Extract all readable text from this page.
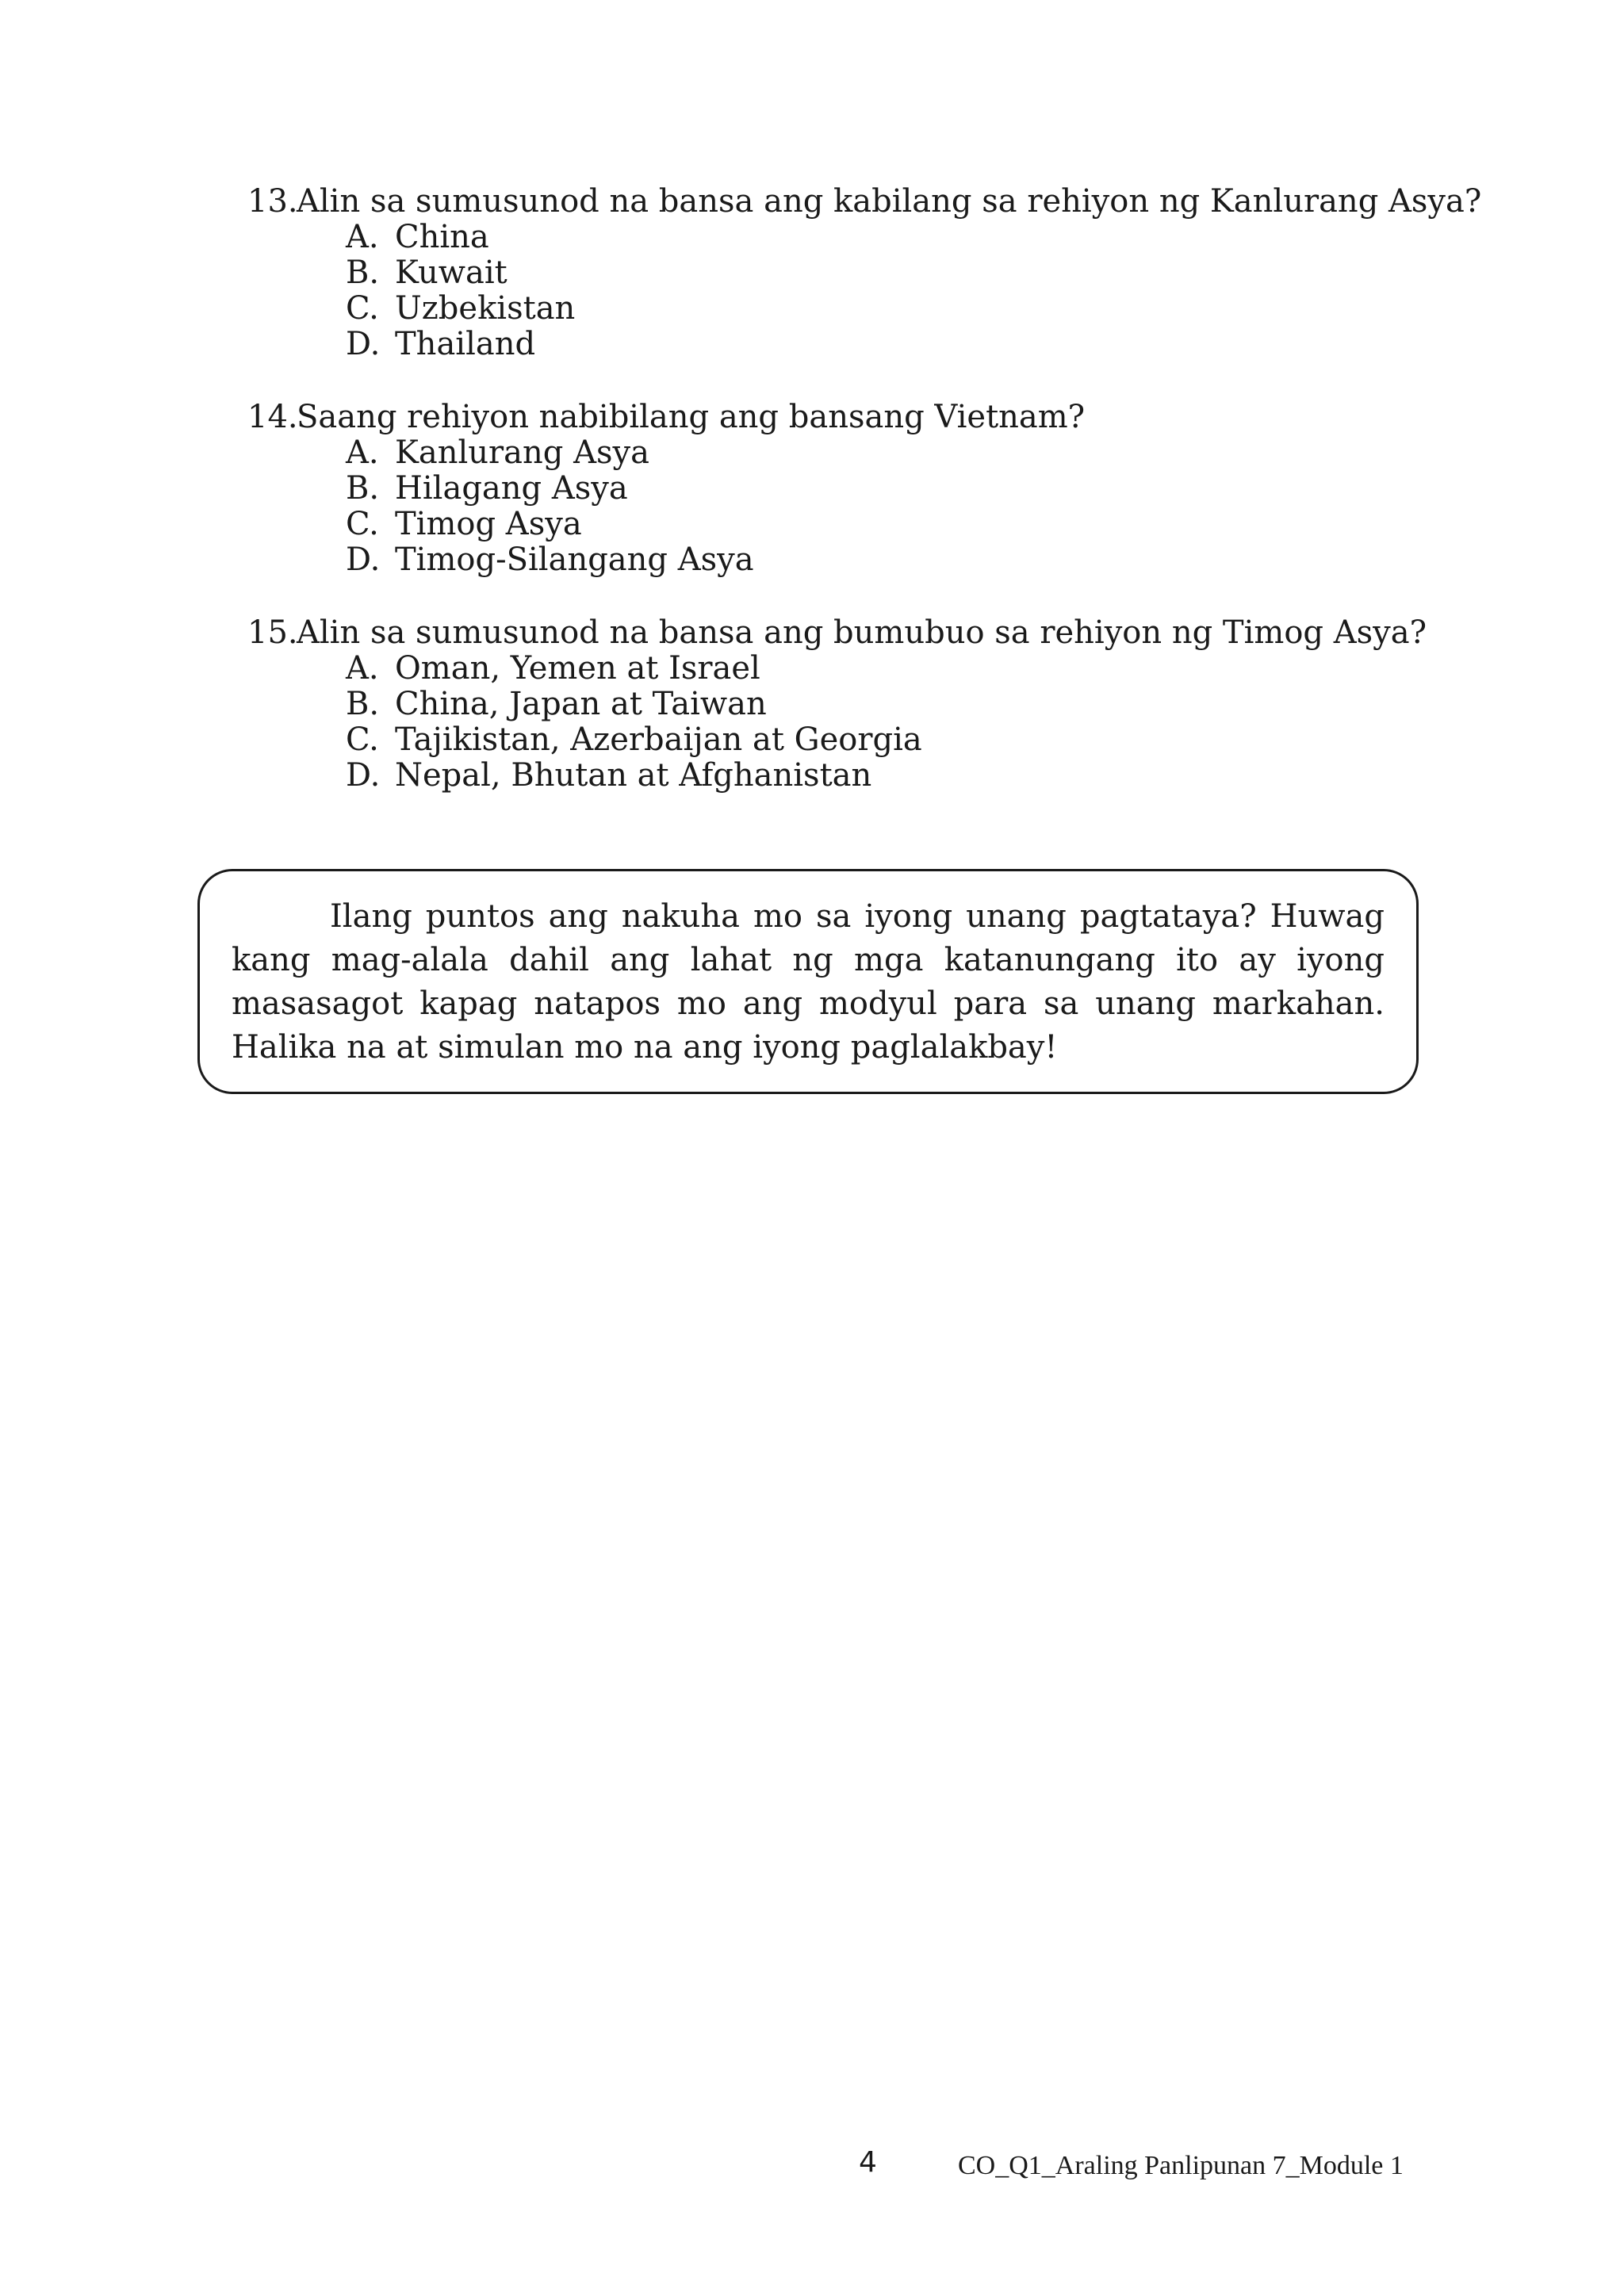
13.
Alin sa sumusunod na bansa ang kabilang sa rehiyon ng Kanlurang Asya?
A. China
B. Kuwait
C. Uzbekistan
D. Thailand
14.
Saang rehiyon nabibilang ang bansang Vietnam?
A. Kanlurang Asya
B. Hilagang Asya
C. Timog Asya
D. Timog-Silangang Asya
15.
Alin sa sumusunod na bansa ang bumubuo sa rehiyon ng Timog Asya?
A. Oman, Yemen at Israel
B. China, Japan at Taiwan
C. Tajikistan, Azerbaijan at Georgia
D. Nepal, Bhutan at Afghanistan

Ilang puntos ang nakuha mo sa iyong unang pagtataya? Huwag kang mag-alala dahil ang lahat ng mga katanungang ito ay iyong masasagot kapag natapos mo ang modyul para sa unang markahan. Halika na at simulan mo na ang iyong paglalakbay!

4	CO_Q1_Araling Panlipunan 7_Module 1
